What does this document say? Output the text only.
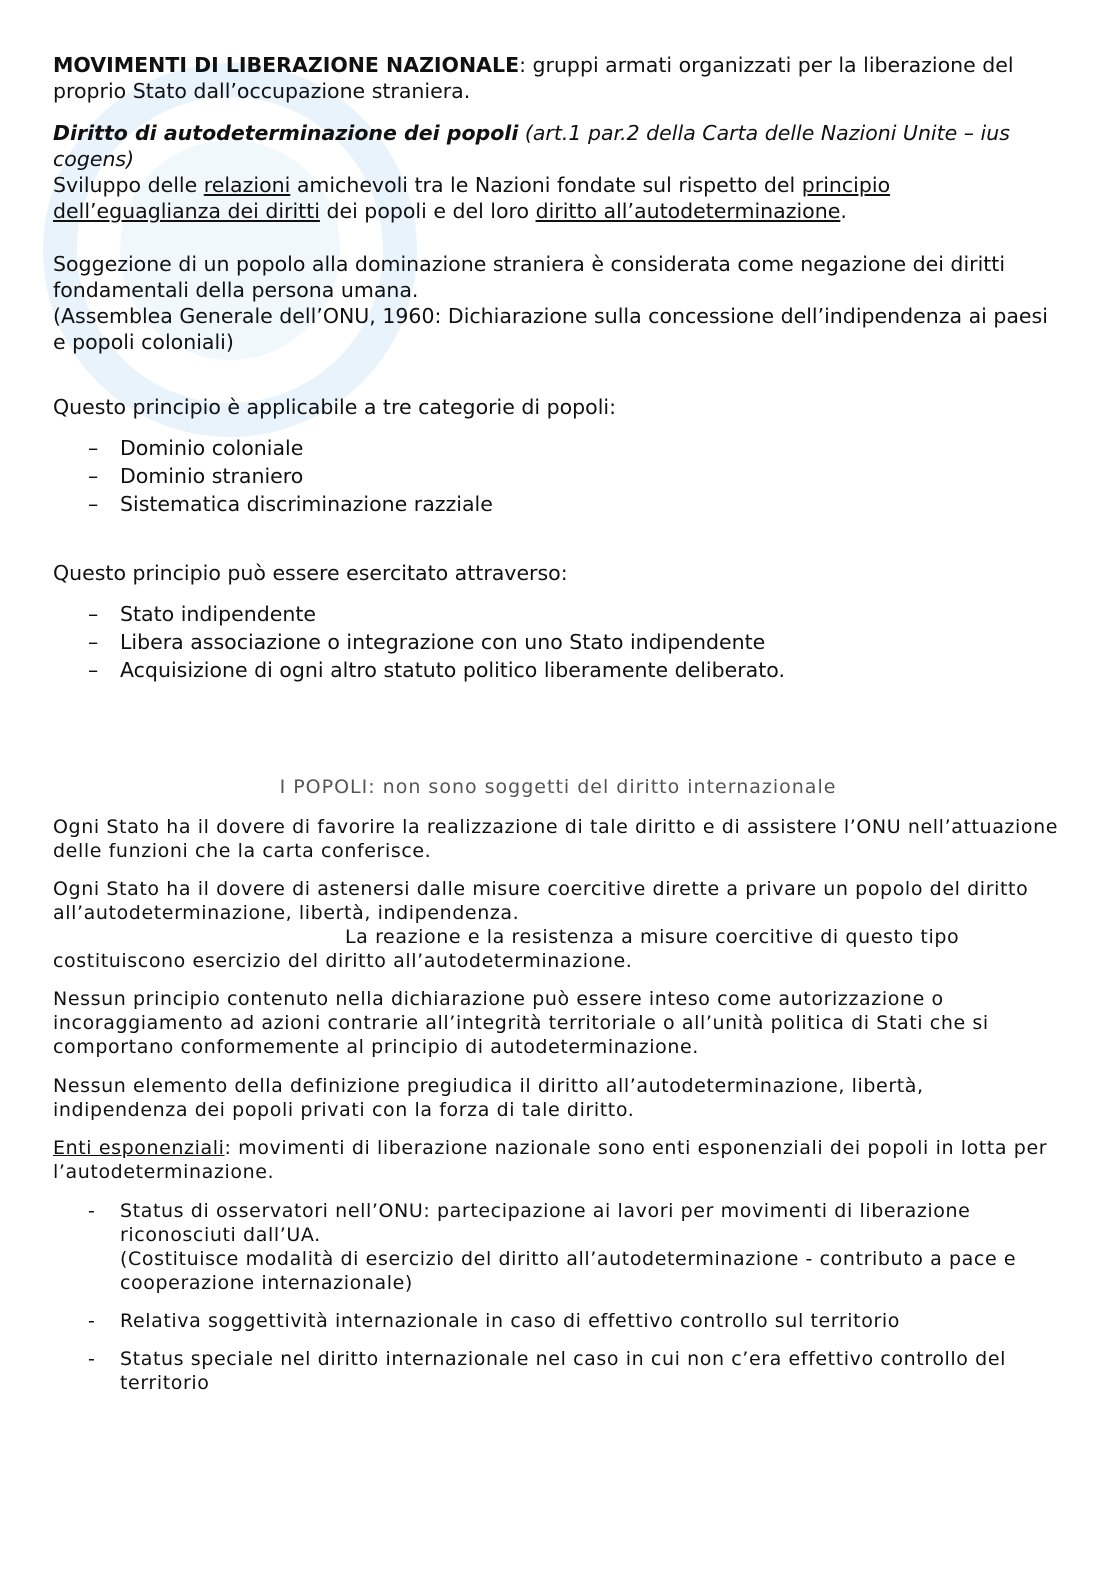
MOVIMENTI DI LIBERAZIONE NAZIONALE: gruppi armati organizzati per la liberazione del proprio Stato dall’occupazione straniera.
Diritto di autodeterminazione dei popoli (art.1 par.2 della Carta delle Nazioni Unite – ius cogens)
Sviluppo delle relazioni amichevoli tra le Nazioni fondate sul rispetto del principio dell’eguaglianza dei diritti dei popoli e del loro diritto all’autodeterminazione.
Soggezione di un popolo alla dominazione straniera è considerata come negazione dei diritti fondamentali della persona umana.
(Assemblea Generale dell’ONU, 1960: Dichiarazione sulla concessione dell’indipendenza ai paesi e popoli coloniali)
Questo principio è applicabile a tre categorie di popoli:
– Dominio coloniale
– Dominio straniero
– Sistematica discriminazione razziale
Questo principio può essere esercitato attraverso:
– Stato indipendente
– Libera associazione o integrazione con uno Stato indipendente
– Acquisizione di ogni altro statuto politico liberamente deliberato.
I POPOLI: non sono soggetti del diritto internazionale
Ogni Stato ha il dovere di favorire la realizzazione di tale diritto e di assistere l’ONU nell’attuazione delle funzioni che la carta conferisce.
Ogni Stato ha il dovere di astenersi dalle misure coercitive dirette a privare un popolo del diritto all’autodeterminazione, libertà, indipendenza.
La reazione e la resistenza a misure coercitive di questo tipo costituiscono esercizio del diritto all’autodeterminazione.
Nessun principio contenuto nella dichiarazione può essere inteso come autorizzazione o incoraggiamento ad azioni contrarie all’integrità territoriale o all’unità politica di Stati che si comportano conformemente al principio di autodeterminazione.
Nessun elemento della definizione pregiudica il diritto all’autodeterminazione, libertà, indipendenza dei popoli privati con la forza di tale diritto.
Enti esponenziali: movimenti di liberazione nazionale sono enti esponenziali dei popoli in lotta per l’autodeterminazione.
- Status di osservatori nell’ONU: partecipazione ai lavori per movimenti di liberazione riconosciuti dall’UA.
(Costituisce modalità di esercizio del diritto all’autodeterminazione - contributo a pace e cooperazione internazionale)
- Relativa soggettività internazionale in caso di effettivo controllo sul territorio
- Status speciale nel diritto internazionale nel caso in cui non c’era effettivo controllo del territorio
